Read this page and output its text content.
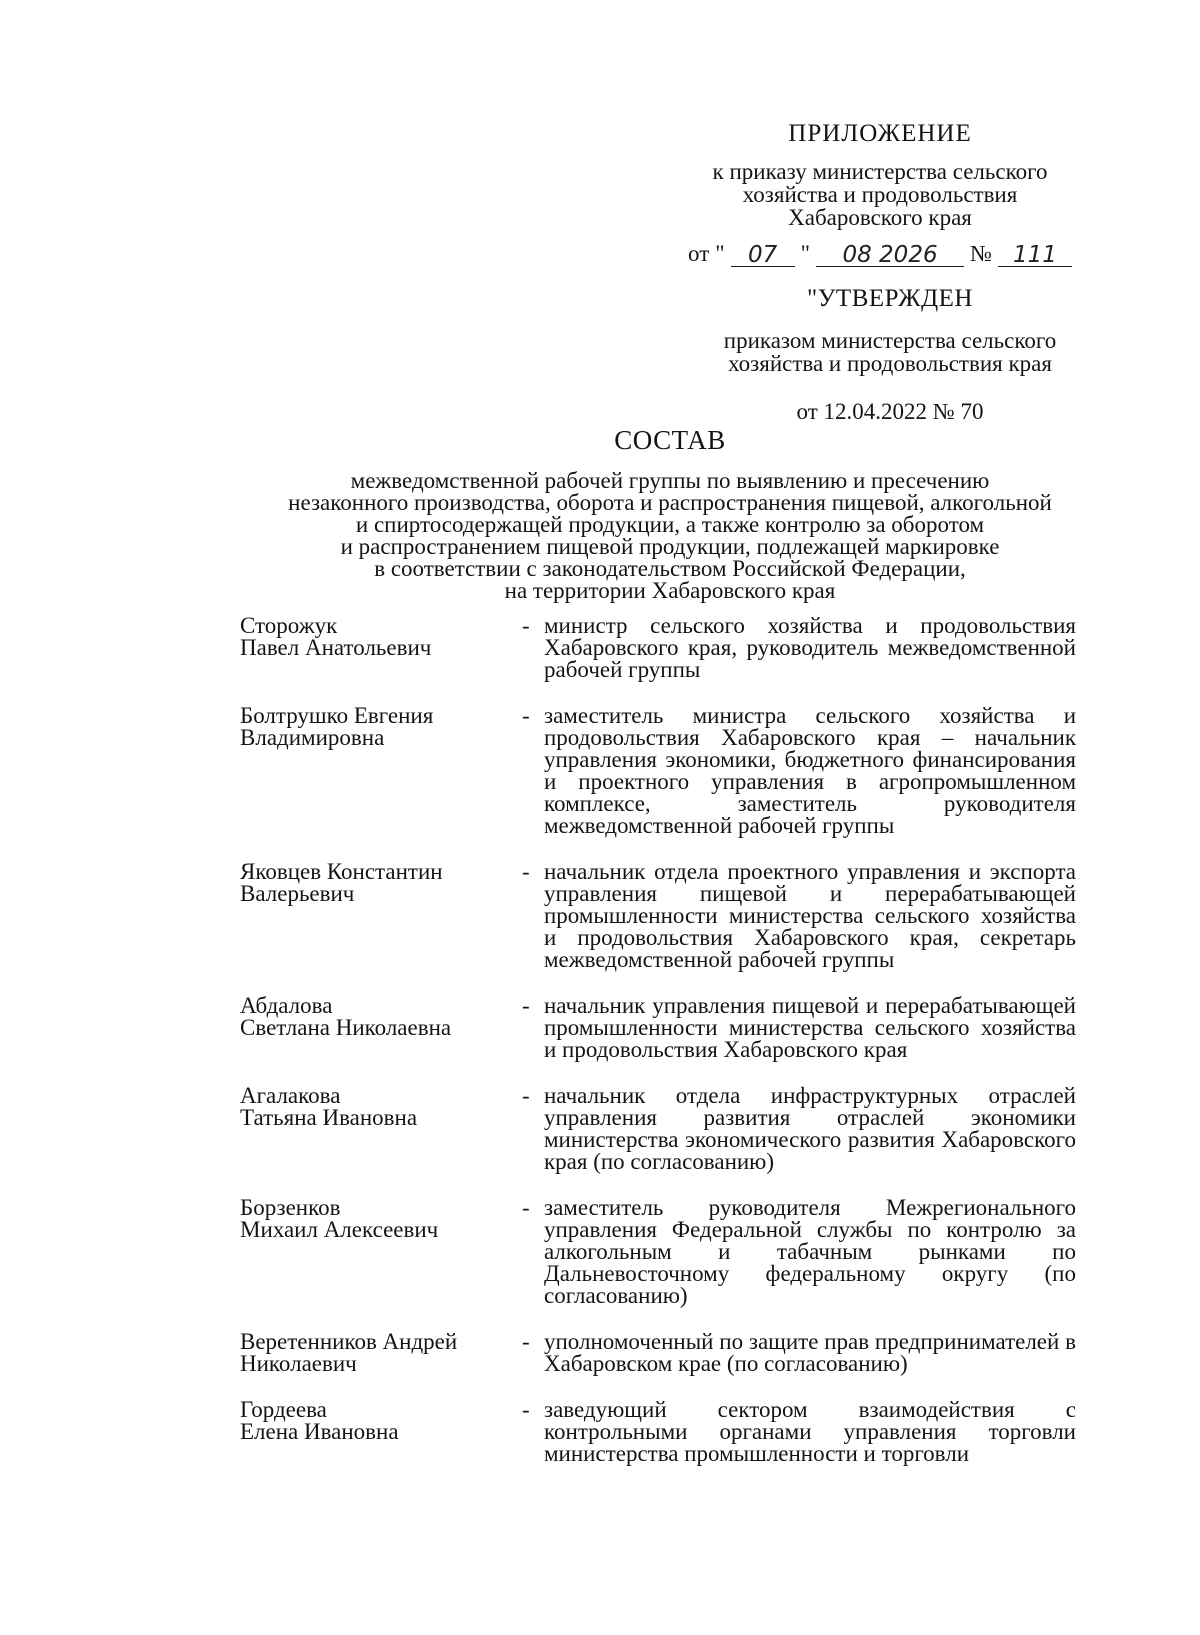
ПРИЛОЖЕНИЕ
к приказу министерства сельского
хозяйства и продовольствия
Хабаровского края
от "	07	"	08 2026	№ 111
"УТВЕРЖДЕН
приказом министерства сельского
хозяйства и продовольствия края
от 12.04.2022 № 70
СОСТАВ
межведомственной рабочей группы по выявлению и пресечению
незаконного производства, оборота и распространения пищевой, алкогольной
и спиртосодержащей продукции, а также контролю за оборотом
и распространением пищевой продукции, подлежащей маркировке
в соответствии с законодательством Российской Федерации,
на территории Хабаровского края
Сторожук
Павел Анатольевич
- министр сельского хозяйства и продовольствия Хабаровского края, руководитель межведомственной рабочей группы
Болтрушко Евгения
Владимировна
- заместитель министра сельского хозяйства и продовольствия Хабаровского края – начальник управления экономики, бюджетного финансирования и проектного управления в агропромышленном комплексе, заместитель руководителя межведомственной рабочей группы
Яковцев Константин
Валерьевич
- начальник отдела проектного управления и экспорта управления пищевой и перерабатывающей промышленности министерства сельского хозяйства и продовольствия Хабаровского края, секретарь межведомственной рабочей группы
Абдалова
Светлана Николаевна
- начальник управления пищевой и перерабатывающей промышленности министерства сельского хозяйства и продовольствия Хабаровского края
Агалакова
Татьяна Ивановна
- начальник отдела инфраструктурных отраслей управления развития отраслей экономики министерства экономического развития Хабаровского края (по согласованию)
Борзенков
Михаил Алексеевич
- заместитель руководителя Межрегионального управления Федеральной службы по контролю за алкогольным и табачным рынками по Дальневосточному федеральному округу (по согласованию)
Веретенников Андрей
Николаевич
- уполномоченный по защите прав предпринимателей в Хабаровском крае (по согласованию)
Гордеева
Елена Ивановна
- заведующий сектором взаимодействия с контрольными органами управления торговли министерства промышленности и торговли
